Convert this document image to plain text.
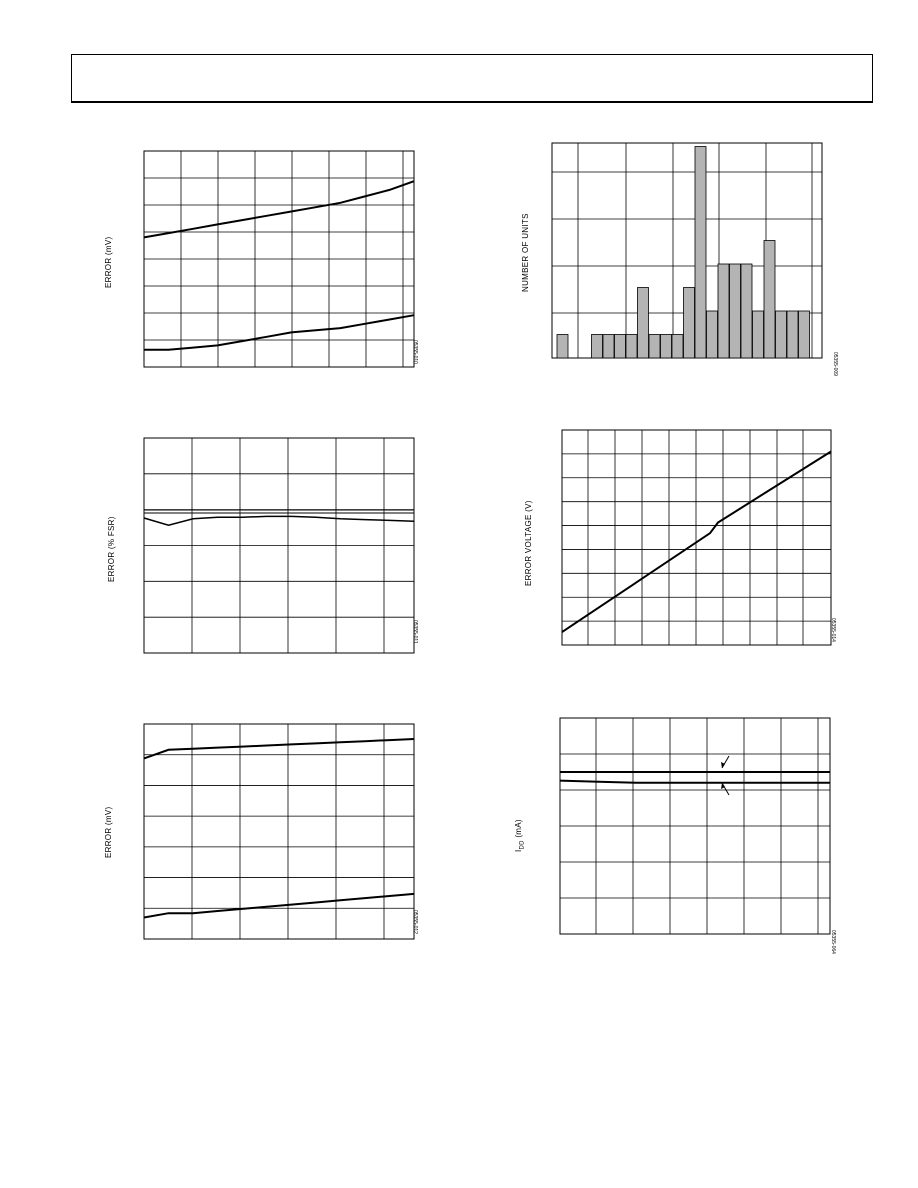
ERROR (mV)
05355-010
ERROR (% FSR)
05355-011
ERROR (mV)
05355-012
NUMBER OF UNITS
05355-009
ERROR VOLTAGE (V)
05355-014
$I_{DD}$ (mA)
05355-064
